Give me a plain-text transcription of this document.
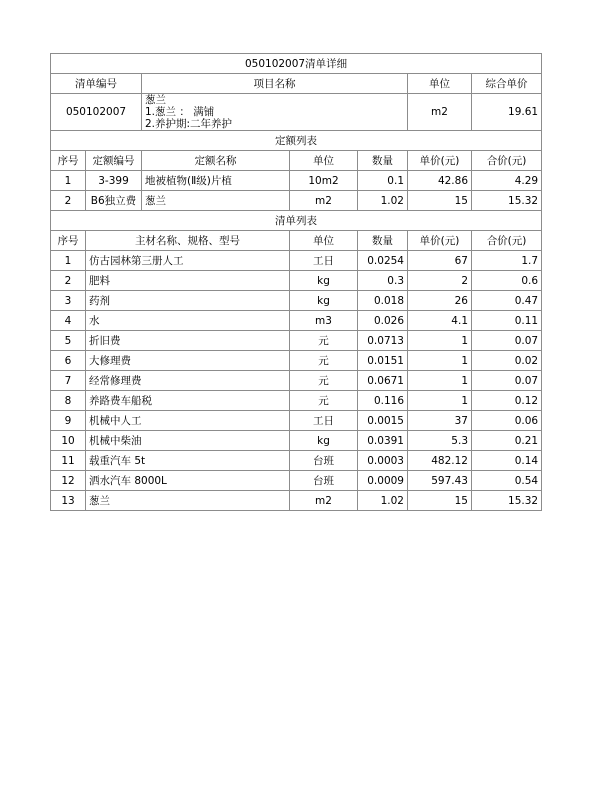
050102007清单详细						
清单编号		项目名称			单位	综合单价
050102007		葱兰
1.葱兰 ： 满铺
2.养护期:二年养护			m2	19.61
定额列表						
序号	定额编号	定额名称	单位	数量	单价(元)	合价(元)
1	3-399	地被植物(Ⅱ级)片植	10m2	0.1	42.86	4.29
2	B6独立费	葱兰	m2	1.02	15	15.32
清单列表						
序号	主材名称、规格、型号		单位	数量	单价(元)	合价(元)
1	仿古园林第三册人工		工日	0.0254	67	1.7
2	肥料		kg	0.3	2	0.6
3	药剂		kg	0.018	26	0.47
4	水		m3	0.026	4.1	0.11
5	折旧费		元	0.0713	1	0.07
6	大修理费		元	0.0151	1	0.02
7	经常修理费		元	0.0671	1	0.07
8	养路费车船税		元	0.116	1	0.12
9	机械中人工		工日	0.0015	37	0.06
10	机械中柴油		kg	0.0391	5.3	0.21
11	载重汽车 5t		台班	0.0003	482.12	0.14
12	洒水汽车 8000L		台班	0.0009	597.43	0.54
13	葱兰		m2	1.02	15	15.32
